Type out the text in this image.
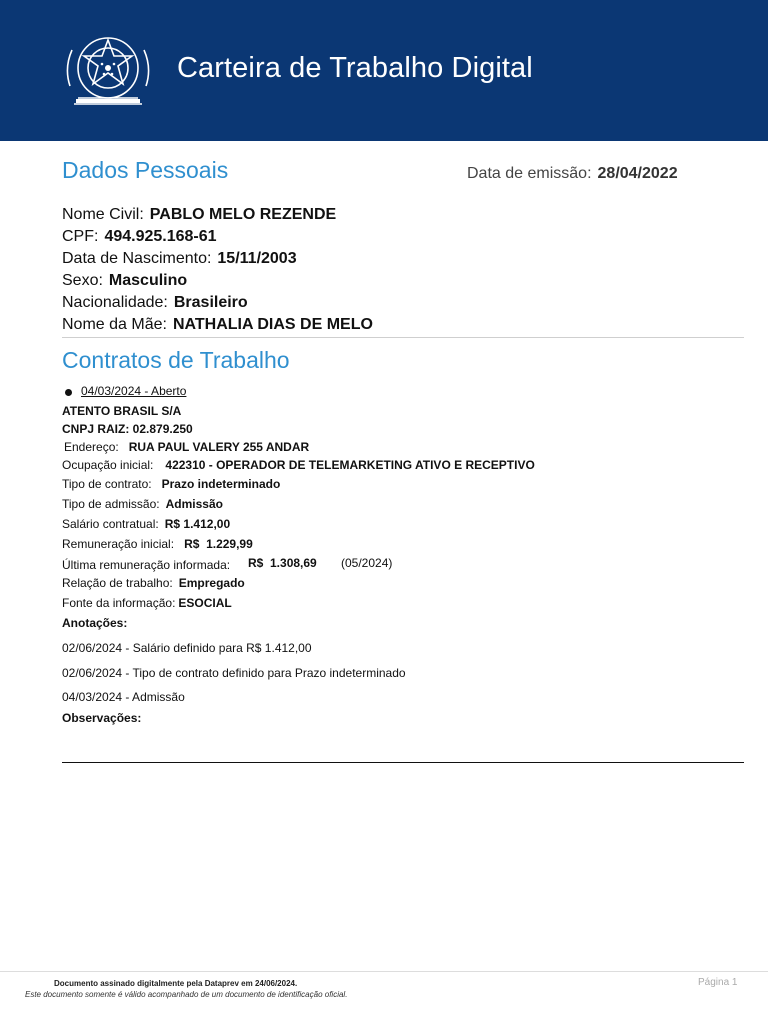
Carteira de Trabalho Digital
Dados Pessoais	Data de emissão: 28/04/2022
Nome Civil: PABLO MELO REZENDE
CPF: 494.925.168-61
Data de Nascimento: 15/11/2003
Sexo: Masculino
Nacionalidade: Brasileiro
Nome da Mãe: NATHALIA DIAS DE MELO
Contratos de Trabalho
04/03/2024 - Aberto
ATENTO BRASIL S/A
CNPJ RAIZ: 02.879.250
Endereço: RUA PAUL VALERY 255 ANDAR
Ocupação inicial: 422310 - OPERADOR DE TELEMARKETING ATIVO E RECEPTIVO
Tipo de contrato: Prazo indeterminado
Tipo de admissão: Admissão
Salário contratual: R$ 1.412,00
Remuneração inicial: R$  1.229,99
Última remuneração informada: R$  1.308,69 (05/2024)
Relação de trabalho: Empregado
Fonte da informação: ESOCIAL
Anotações:
02/06/2024 - Salário definido para R$ 1.412,00
02/06/2024 - Tipo de contrato definido para Prazo indeterminado
04/03/2024 - Admissão
Observações:
Documento assinado digitalmente pela Dataprev em 24/06/2024.
Este documento somente é válido acompanhado de um documento de identificação oficial.
Página 1
